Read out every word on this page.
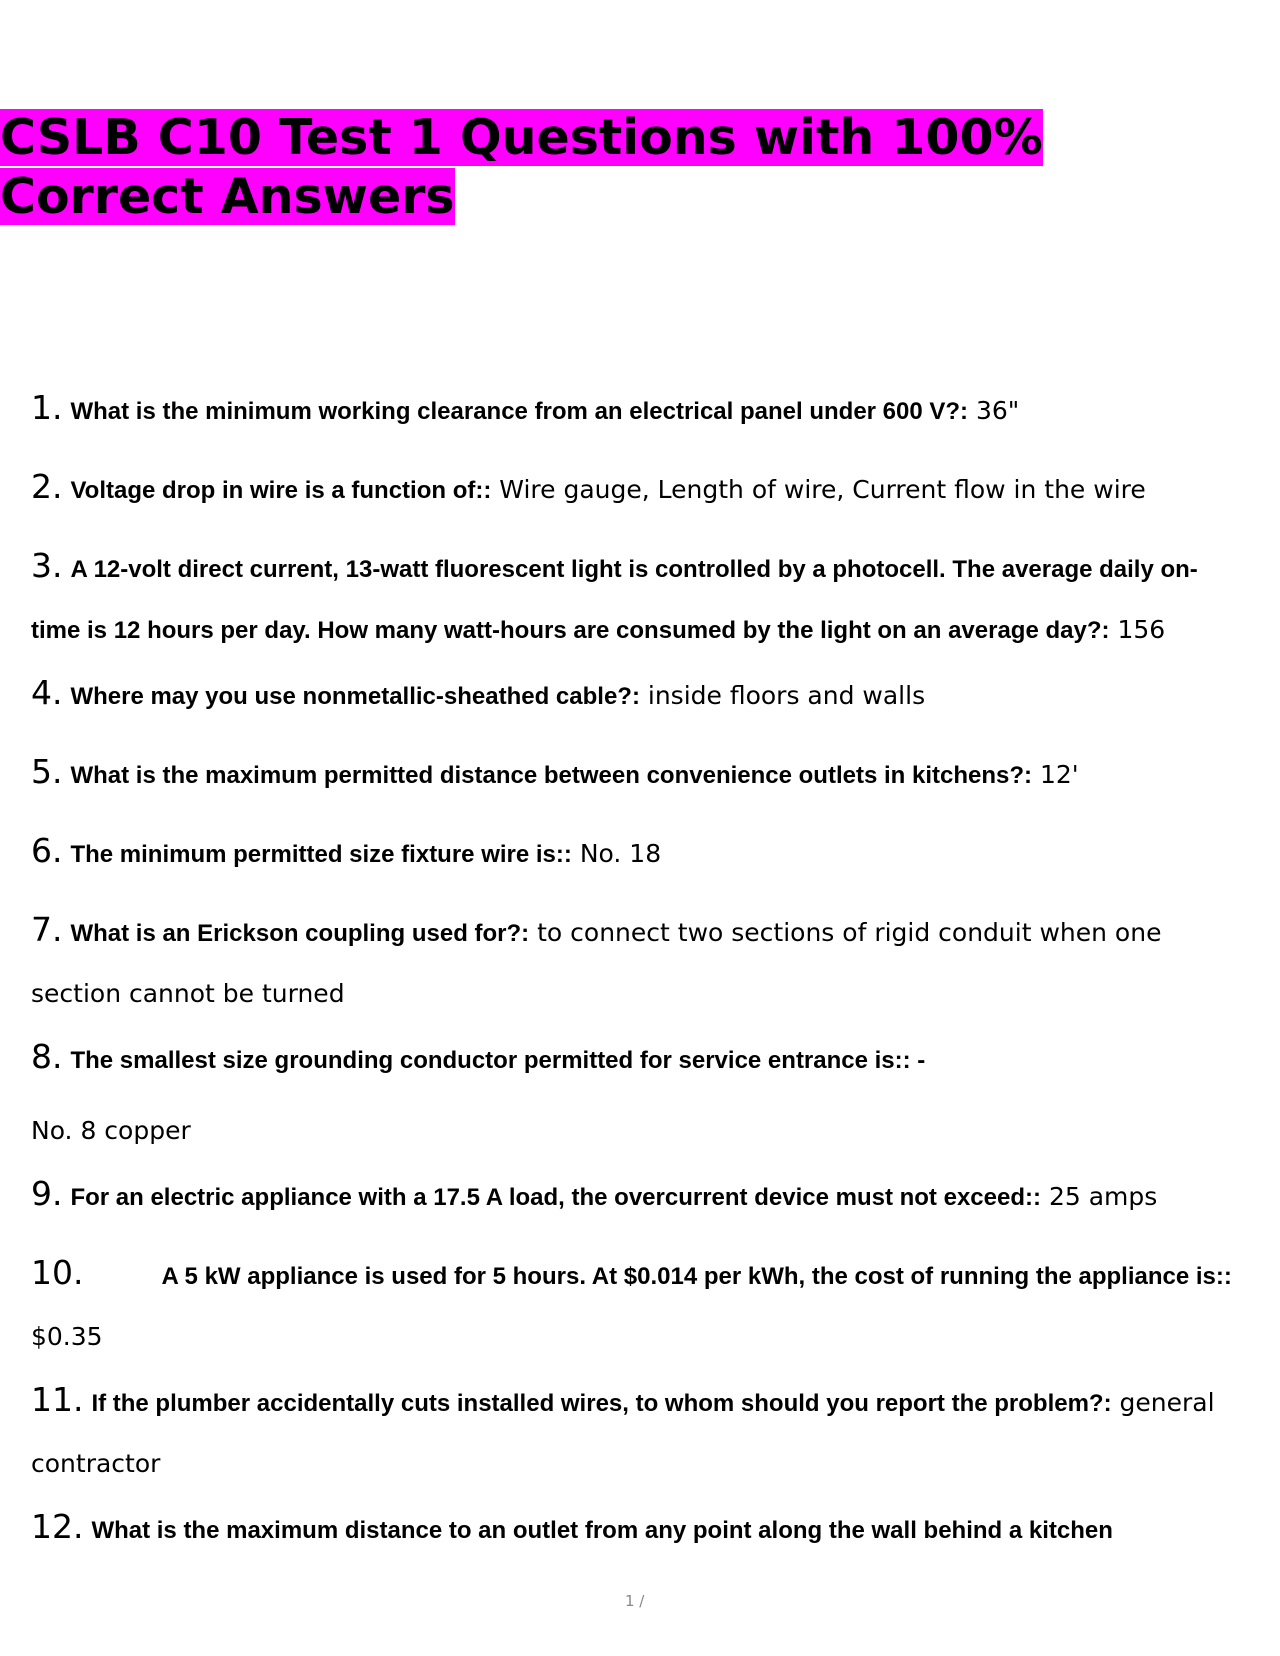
CSLB C10 Test 1 Questions with 100%
Correct Answers
1. What is the minimum working clearance from an electrical panel under 600 V?: 36"
2. Voltage drop in wire is a function of:: Wire gauge, Length of wire, Current flow in the wire
3. A 12-volt direct current, 13-watt fluorescent light is controlled by a photocell. The average daily on-time is 12 hours per day. How many watt-hours are consumed by the light on an average day?: 156
4. Where may you use nonmetallic-sheathed cable?: inside floors and walls
5. What is the maximum permitted distance between convenience outlets in kitchens?: 12'
6. The minimum permitted size fixture wire is:: No. 18
7. What is an Erickson coupling used for?: to connect two sections of rigid conduit when one section cannot be turned
8. The smallest size grounding conductor permitted for service entrance is:: -
No. 8 copper
9. For an electric appliance with a 17.5 A load, the overcurrent device must not exceed:: 25 amps
10.	A 5 kW appliance is used for 5 hours. At $0.014 per kWh, the cost of running the appliance is:: $0.35
11. If the plumber accidentally cuts installed wires, to whom should you report the problem?: general contractor
12. What is the maximum distance to an outlet from any point along the wall behind a kitchen
1 /
